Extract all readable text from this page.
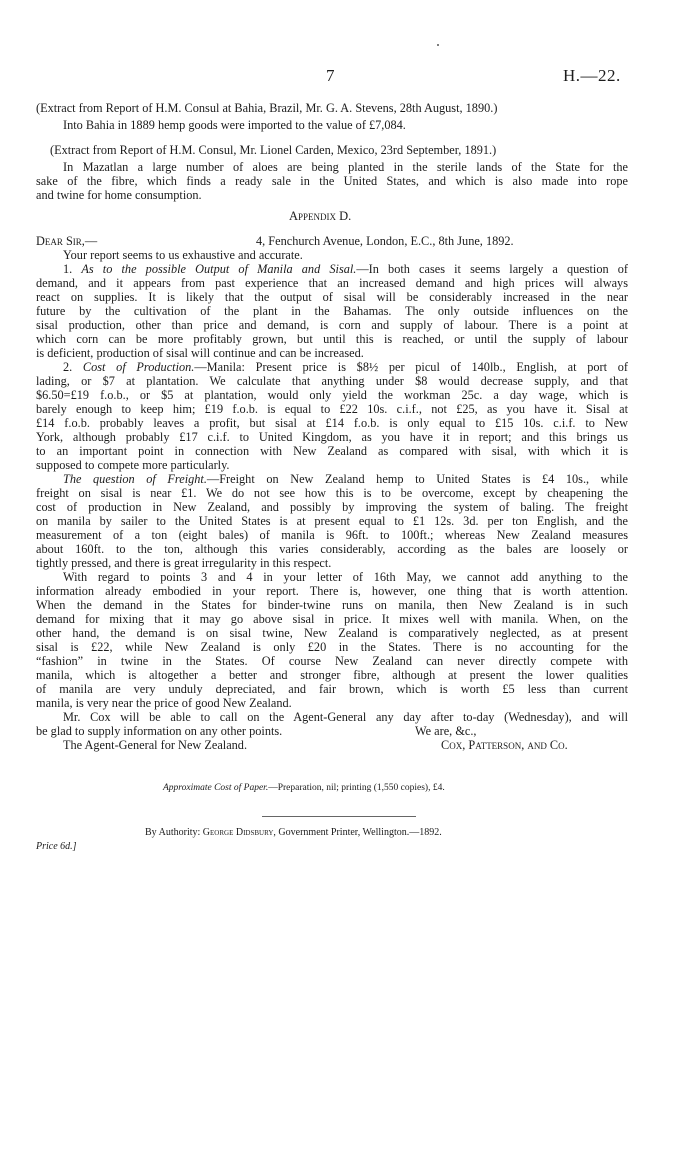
7	H.—22.
(Extract from Report of H.M. Consul at Bahia, Brazil, Mr. G. A. Stevens, 28th August, 1890.)
Into Bahia in 1889 hemp goods were imported to the value of £7,084.
(Extract from Report of H.M. Consul, Mr. Lionel Carden, Mexico, 23rd September, 1891.)
In Mazatlan a large number of aloes are being planted in the sterile lands of the State for the
sake of the fibre, which finds a ready sale in the United States, and which is also made into rope
and twine for home consumption.
Appendix D.
Dear Sir,—	4, Fenchurch Avenue, London, E.C., 8th June, 1892.
Your report seems to us exhaustive and accurate.
1. As to the possible Output of Manila and Sisal.—In both cases it seems largely a question of
demand, and it appears from past experience that an increased demand and high prices will always
react on supplies. It is likely that the output of sisal will be considerably increased in the near
future by the cultivation of the plant in the Bahamas. The only outside influences on the
sisal production, other than price and demand, is corn and supply of labour. There is a point at
which corn can be more profitably grown, but until this is reached, or until the supply of labour
is deficient, production of sisal will continue and can be increased.
2. Cost of Production.—Manila: Present price is $8½ per picul of 140lb., English, at port of
lading, or $7 at plantation. We calculate that anything under $8 would decrease supply, and that
$6.50=£19 f.o.b., or $5 at plantation, would only yield the workman 25c. a day wage, which is
barely enough to keep him; £19 f.o.b. is equal to £22 10s. c.i.f., not £25, as you have it. Sisal at
£14 f.o.b. probably leaves a profit, but sisal at £14 f.o.b. is only equal to £15 10s. c.i.f. to New
York, although probably £17 c.i.f. to United Kingdom, as you have it in report; and this brings us
to an important point in connection with New Zealand as compared with sisal, with which it is
supposed to compete more particularly.
The question of Freight.—Freight on New Zealand hemp to United States is £4 10s., while
freight on sisal is near £1. We do not see how this is to be overcome, except by cheapening the
cost of production in New Zealand, and possibly by improving the system of baling. The freight
on manila by sailer to the United States is at present equal to £1 12s. 3d. per ton English, and the
measurement of a ton (eight bales) of manila is 96ft. to 100ft.; whereas New Zealand measures
about 160ft. to the ton, although this varies considerably, according as the bales are loosely or
tightly pressed, and there is great irregularity in this respect.
With regard to points 3 and 4 in your letter of 16th May, we cannot add anything to the
information already embodied in your report. There is, however, one thing that is worth attention.
When the demand in the States for binder-twine runs on manila, then New Zealand is in such
demand for mixing that it may go above sisal in price. It mixes well with manila. When, on the
other hand, the demand is on sisal twine, New Zealand is comparatively neglected, as at present
sisal is £22, while New Zealand is only £20 in the States. There is no accounting for the
“fashion” in twine in the States. Of course New Zealand can never directly compete with
manila, which is altogether a better and stronger fibre, although at present the lower qualities
of manila are very unduly depreciated, and fair brown, which is worth £5 less than current
manila, is very near the price of good New Zealand.
Mr. Cox will be able to call on the Agent-General any day after to-day (Wednesday), and will
be glad to supply information on any other points.	We are, &c.,
The Agent-General for New Zealand.	Cox, Patterson, and Co.
Approximate Cost of Paper.—Preparation, nil; printing (1,550 copies), £4.
By Authority: George Didsbury, Government Printer, Wellington.—1892.
Price 6d.]
